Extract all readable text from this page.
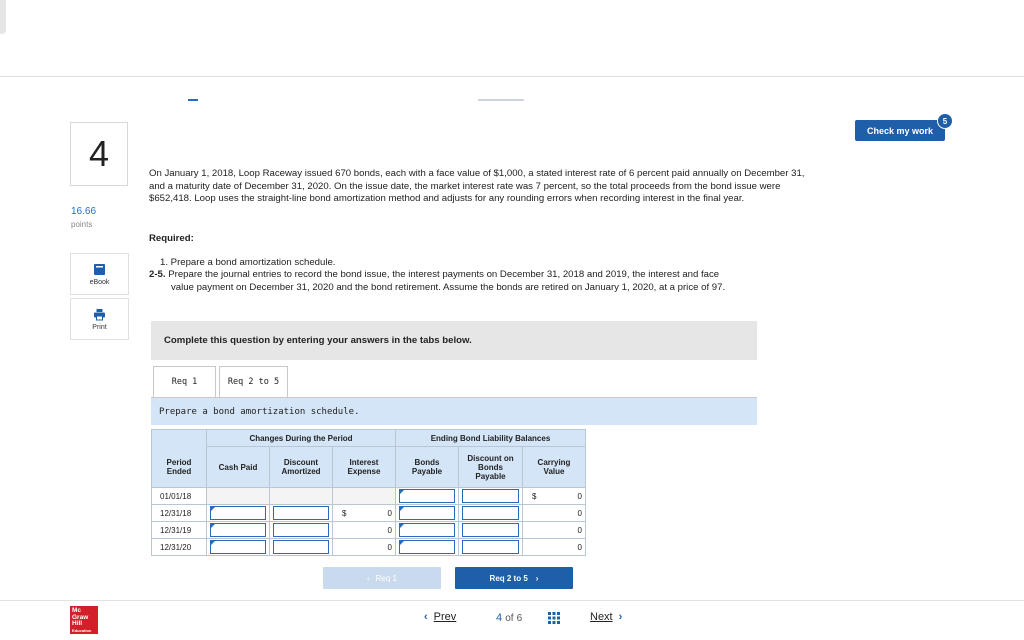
Check my work
5
4
16.66
points
eBook
Print
On January 1, 2018, Loop Raceway issued 670 bonds, each with a face value of $1,000, a stated interest rate of 6 percent paid annually on December 31, and a maturity date of December 31, 2020. On the issue date, the market interest rate was 7 percent, so the total proceeds from the bond issue were $652,418. Loop uses the straight-line bond amortization method and adjusts for any rounding errors when recording interest in the final year.
Required:
1. Prepare a bond amortization schedule.
2-5. Prepare the journal entries to record the bond issue, the interest payments on December 31, 2018 and 2019, the interest and face
value payment on December 31, 2020 and the bond retirement. Assume the bonds are retired on January 1, 2020, at a price of 97.
Complete this question by entering your answers in the tabs below.
Req 1	Req 2 to 5
Prepare a bond amortization schedule.
	Changes During the Period			Ending Bond Liability Balances		
Period Ended	Cash Paid	Discount Amortized	Interest Expense	Bonds Payable	Discount on Bonds Payable	Carrying Value
01/01/18						$ 0
12/31/18			$ 0			0
12/31/19			0			0
12/31/20			0			0
‹ Req 1	Req 2 to 5 ›
Mc
Graw
Hill
Education
‹ Prev	4 of 6	Next ›
